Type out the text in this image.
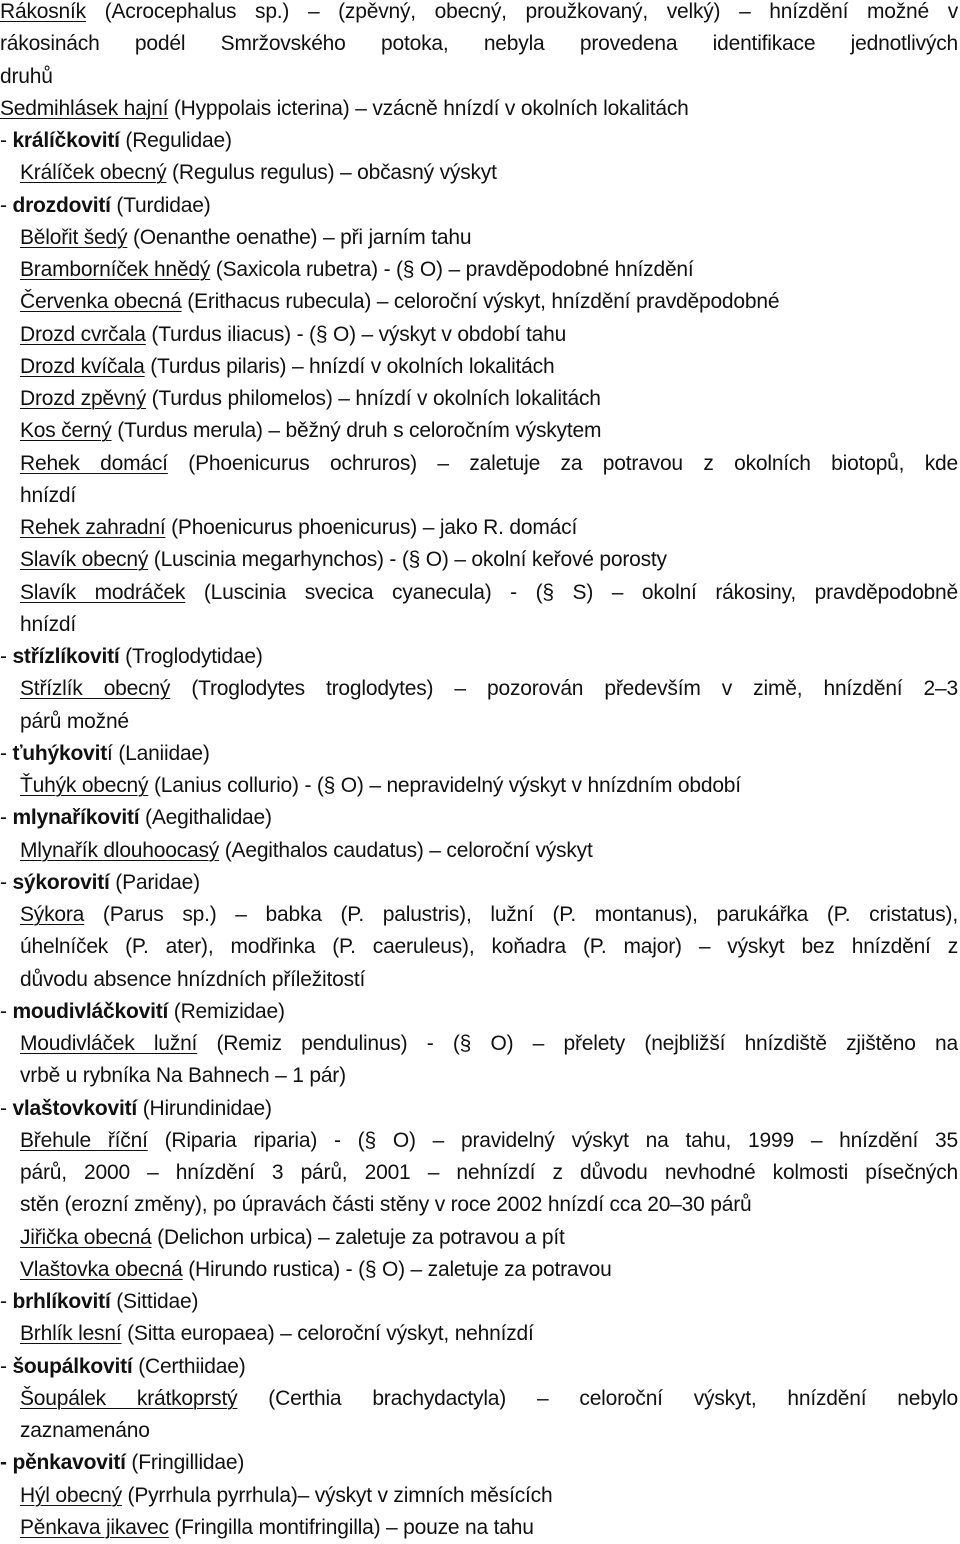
Rákosník (Acrocephalus sp.) – (zpěvný, obecný, proužkovaný, velký) – hnízdění možné v
rákosinách podél Smržovského potoka, nebyla provedena identifikace jednotlivých
druhů
Sedmihlásek hajní (Hyppolais icterina) – vzácně hnízdí v okolních lokalitách
- králíčkovití (Regulidae)
Králíček obecný (Regulus regulus) – občasný výskyt
- drozdovití (Turdidae)
Bělořit šedý (Oenanthe oenathe) – při jarním tahu
Bramborníček hnědý (Saxicola rubetra) - (§ O) – pravděpodobné hnízdění
Červenka obecná (Erithacus rubecula) – celoroční výskyt, hnízdění pravděpodobné
Drozd cvrčala (Turdus iliacus) - (§ O) – výskyt v období tahu
Drozd kvíčala (Turdus pilaris) – hnízdí v okolních lokalitách
Drozd zpěvný (Turdus philomelos) – hnízdí v okolních lokalitách
Kos černý (Turdus merula) – běžný druh s celoročním výskytem
Rehek domácí (Phoenicurus ochruros) – zaletuje za potravou z okolních biotopů, kde
hnízdí
Rehek zahradní (Phoenicurus phoenicurus) – jako R. domácí
Slavík obecný (Luscinia megarhynchos) - (§ O) – okolní keřové porosty
Slavík modráček (Luscinia svecica cyanecula) - (§ S) – okolní rákosiny, pravděpodobně
hnízdí
- střízlíkovití (Troglodytidae)
Střízlík obecný (Troglodytes troglodytes) – pozorován především v zimě, hnízdění 2–3
párů možné
- ťuhýkovití (Laniidae)
Ťuhýk obecný (Lanius collurio) - (§ O) – nepravidelný výskyt v hnízdním období
- mlynaříkovití (Aegithalidae)
Mlynařík dlouhoocasý (Aegithalos caudatus) – celoroční výskyt
- sýkorovití (Paridae)
Sýkora (Parus sp.) – babka (P. palustris), lužní (P. montanus), parukářka (P. cristatus),
úhelníček (P. ater), modřinka (P. caeruleus), koňadra (P. major) – výskyt bez hnízdění z
důvodu absence hnízdních příležitostí
- moudivláčkovití (Remizidae)
Moudivláček lužní (Remiz pendulinus) - (§ O) – přelety (nejbližší hnízdiště zjištěno na
vrbě u rybníka Na Bahnech – 1 pár)
- vlaštovkovití (Hirundinidae)
Břehule říční (Riparia riparia) - (§ O) – pravidelný výskyt na tahu, 1999 – hnízdění 35
párů, 2000 – hnízdění 3 párů, 2001 – nehnízdí z důvodu nevhodné kolmosti písečných
stěn (erozní změny), po úpravách části stěny v roce 2002 hnízdí cca 20–30 párů
Jiřička obecná (Delichon urbica) – zaletuje za potravou a pít
Vlaštovka obecná (Hirundo rustica) - (§ O) – zaletuje za potravou
- brhlíkovití (Sittidae)
Brhlík lesní (Sitta europaea) – celoroční výskyt, nehnízdí
- šoupálkovití (Certhiidae)
Šoupálek krátkoprstý (Certhia brachydactyla) – celoroční výskyt, hnízdění nebylo
zaznamenáno
- pěnkavovití (Fringillidae)
Hýl obecný (Pyrrhula pyrrhula)– výskyt v zimních měsících
Pěnkava jikavec (Fringilla montifringilla) – pouze na tahu
